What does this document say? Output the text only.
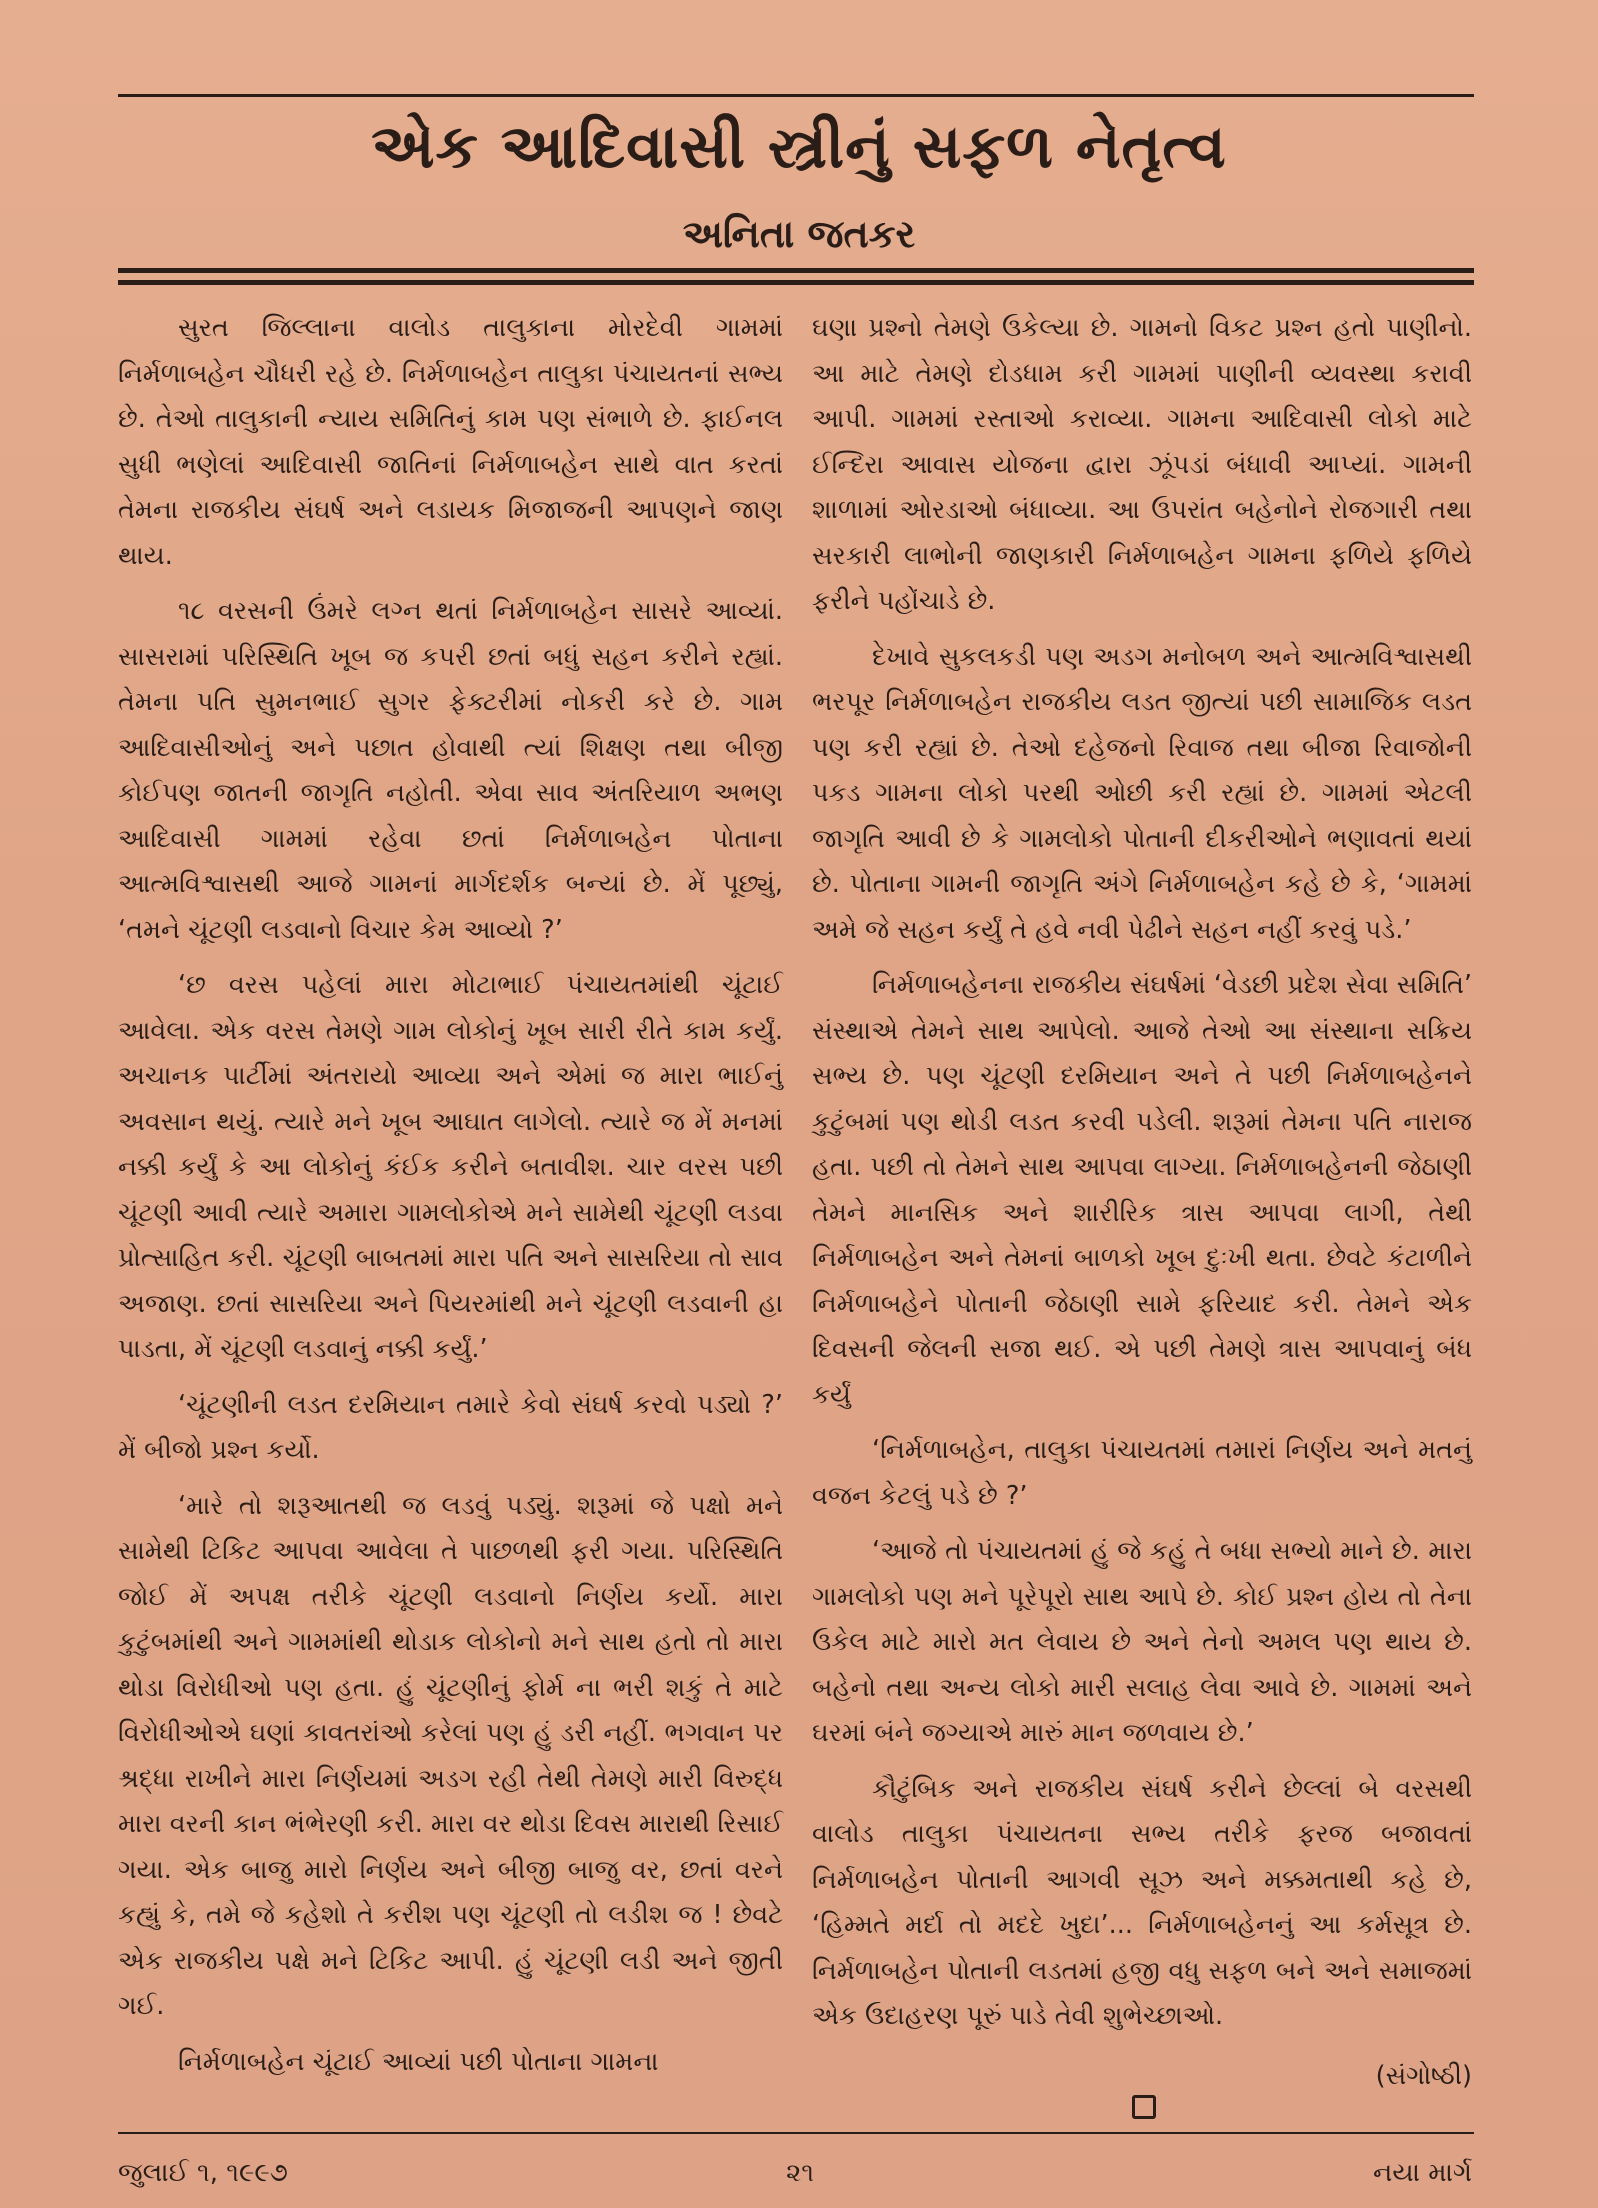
એક આદિવાસી સ્ત્રીનું સફળ નેતૃત્વ
અનિતા જતકર

સુરત જિલ્લાના વાલોડ તાલુકાના મોરદેવી ગામમાં નિર્મળાબહેન ચૌધરી રહે છે. નિર્મળાબહેન તાલુકા પંચાયતનાં સભ્ય છે. તેઓ તાલુકાની ન્યાય સમિતિનું કામ પણ સંભાળે છે. ફાઈનલ સુધી ભણેલાં આદિવાસી જાતિનાં નિર્મળાબહેન સાથે વાત કરતાં તેમના રાજકીય સંઘર્ષ અને લડાયક મિજાજની આપણને જાણ થાય.

૧૮ વરસની ઉંમરે લગ્ન થતાં નિર્મળાબહેન સાસરે આવ્યાં. સાસરામાં પરિસ્થિતિ ખૂબ જ કપરી છતાં બધું સહન કરીને રહ્યાં. તેમના પતિ સુમનભાઈ સુગર ફેક્ટરીમાં નોકરી કરે છે. ગામ આદિવાસીઓનું અને પછાત હોવાથી ત્યાં શિક્ષણ તથા બીજી કોઈપણ જાતની જાગૃતિ નહોતી. એવા સાવ અંતરિયાળ અભણ આદિવાસી ગામમાં રહેવા છતાં નિર્મળાબહેન પોતાના આત્મવિશ્વાસથી આજે ગામનાં માર્ગદર્શક બન્યાં છે. મેં પૂછ્યું, ‘તમને ચૂંટણી લડવાનો વિચાર કેમ આવ્યો ?’

‘છ વરસ પહેલાં મારા મોટાભાઈ પંચાયતમાંથી ચૂંટાઈ આવેલા. એક વરસ તેમણે ગામ લોકોનું ખૂબ સારી રીતે કામ કર્યું. અચાનક પાર્ટીમાં અંતરાયો આવ્યા અને એમાં જ મારા ભાઈનું અવસાન થયું. ત્યારે મને ખૂબ આઘાત લાગેલો. ત્યારે જ મેં મનમાં નક્કી કર્યું કે આ લોકોનું કંઈક કરીને બતાવીશ. ચાર વરસ પછી ચૂંટણી આવી ત્યારે અમારા ગામલોકોએ મને સામેથી ચૂંટણી લડવા પ્રોત્સાહિત કરી. ચૂંટણી બાબતમાં મારા પતિ અને સાસરિયા તો સાવ અજાણ. છતાં સાસરિયા અને પિયરમાંથી મને ચૂંટણી લડવાની હા પાડતા, મેં ચૂંટણી લડવાનું નક્કી કર્યું.’

‘ચૂંટણીની લડત દરમિયાન તમારે કેવો સંઘર્ષ કરવો પડ્યો ?’ મેં બીજો પ્રશ્ન કર્યો.

‘મારે તો શરૂઆતથી જ લડવું પડ્યું. શરૂમાં જે પક્ષો મને સામેથી ટિકિટ આપવા આવેલા તે પાછળથી ફરી ગયા. પરિસ્થિતિ જોઈ મેં અપક્ષ તરીકે ચૂંટણી લડવાનો નિર્ણય કર્યો. મારા કુટુંબમાંથી અને ગામમાંથી થોડાક લોકોનો મને સાથ હતો તો મારા થોડા વિરોધીઓ પણ હતા. હું ચૂંટણીનું ફોર્મ ના ભરી શકું તે માટે વિરોધીઓએ ઘણાં કાવતરાંઓ કરેલાં પણ હું ડરી નહીં. ભગવાન પર શ્રદ્ધા રાખીને મારા નિર્ણયમાં અડગ રહી તેથી તેમણે મારી વિરુદ્ધ મારા વરની કાન ભંભેરણી કરી. મારા વર થોડા દિવસ મારાથી રિસાઈ ગયા. એક બાજુ મારો નિર્ણય અને બીજી બાજુ વર, છતાં વરને કહ્યું કે, તમે જે કહેશો તે કરીશ પણ ચૂંટણી તો લડીશ જ ! છેવટે એક રાજકીય પક્ષે મને ટિકિટ આપી. હું ચૂંટણી લડી અને જીતી ગઈ.

નિર્મળાબહેન ચૂંટાઈ આવ્યાં પછી પોતાના ગામના

ઘણા પ્રશ્નો તેમણે ઉકેલ્યા છે. ગામનો વિકટ પ્રશ્ન હતો પાણીનો. આ માટે તેમણે દોડધામ કરી ગામમાં પાણીની વ્યવસ્થા કરાવી આપી. ગામમાં રસ્તાઓ કરાવ્યા. ગામના આદિવાસી લોકો માટે ઈન્દિરા આવાસ યોજના દ્વારા ઝૂંપડાં બંધાવી આપ્યાં. ગામની શાળામાં ઓરડાઓ બંધાવ્યા. આ ઉપરાંત બહેનોને રોજગારી તથા સરકારી લાભોની જાણકારી નિર્મળાબહેન ગામના ફળિયે ફળિયે ફરીને પહોંચાડે છે.

દેખાવે સુકલકડી પણ અડગ મનોબળ અને આત્મવિશ્વાસથી ભરપૂર નિર્મળાબહેન રાજકીય લડત જીત્યાં પછી સામાજિક લડત પણ કરી રહ્યાં છે. તેઓ દહેજનો રિવાજ તથા બીજા રિવાજોની પકડ ગામના લોકો પરથી ઓછી કરી રહ્યાં છે. ગામમાં એટલી જાગૃતિ આવી છે કે ગામલોકો પોતાની દીકરીઓને ભણાવતાં થયાં છે. પોતાના ગામની જાગૃતિ અંગે નિર્મળાબહેન કહે છે કે, ‘ગામમાં અમે જે સહન કર્યું તે હવે નવી પેઢીને સહન નહીં કરવું પડે.’

નિર્મળાબહેનના રાજકીય સંઘર્ષમાં ‘વેડછી પ્રદેશ સેવા સમિતિ’ સંસ્થાએ તેમને સાથ આપેલો. આજે તેઓ આ સંસ્થાના સક્રિય સભ્ય છે. પણ ચૂંટણી દરમિયાન અને તે પછી નિર્મળાબહેનને કુટુંબમાં પણ થોડી લડત કરવી પડેલી. શરૂમાં તેમના પતિ નારાજ હતા. પછી તો તેમને સાથ આપવા લાગ્યા. નિર્મળાબહેનની જેઠાણી તેમને માનસિક અને શારીરિક ત્રાસ આપવા લાગી, તેથી નિર્મળાબહેન અને તેમનાં બાળકો ખૂબ દુઃખી થતા. છેવટે કંટાળીને નિર્મળાબહેને પોતાની જેઠાણી સામે ફરિયાદ કરી. તેમને એક દિવસની જેલની સજા થઈ. એ પછી તેમણે ત્રાસ આપવાનું બંધ કર્યું

‘નિર્મળાબહેન, તાલુકા પંચાયતમાં તમારાં નિર્ણય અને મતનું વજન કેટલું પડે છે ?’

‘આજે તો પંચાયતમાં હું જે કહું તે બધા સભ્યો માને છે. મારા ગામલોકો પણ મને પૂરેપૂરો સાથ આપે છે. કોઈ પ્રશ્ન હોય તો તેના ઉકેલ માટે મારો મત લેવાય છે અને તેનો અમલ પણ થાય છે. બહેનો તથા અન્ય લોકો મારી સલાહ લેવા આવે છે. ગામમાં અને ઘરમાં બંને જગ્યાએ મારું માન જળવાય છે.’

કૌટુંબિક અને રાજકીય સંઘર્ષ કરીને છેલ્લાં બે વરસથી વાલોડ તાલુકા પંચાયતના સભ્ય તરીકે ફરજ બજાવતાં નિર્મળાબહેન પોતાની આગવી સૂઝ અને મક્કમતાથી કહે છે, ‘હિમ્મતે મર્દા તો મદદે ખુદા’... નિર્મળાબહેનનું આ કર્મસૂત્ર છે. નિર્મળાબહેન પોતાની લડતમાં હજી વધુ સફળ બને અને સમાજમાં એક ઉદાહરણ પૂરું પાડે તેવી શુભેચ્છાઓ.

(સંગોષ્ઠી)

જુલાઈ ૧, ૧૯૯૭	૨૧	નયા માર્ગ
